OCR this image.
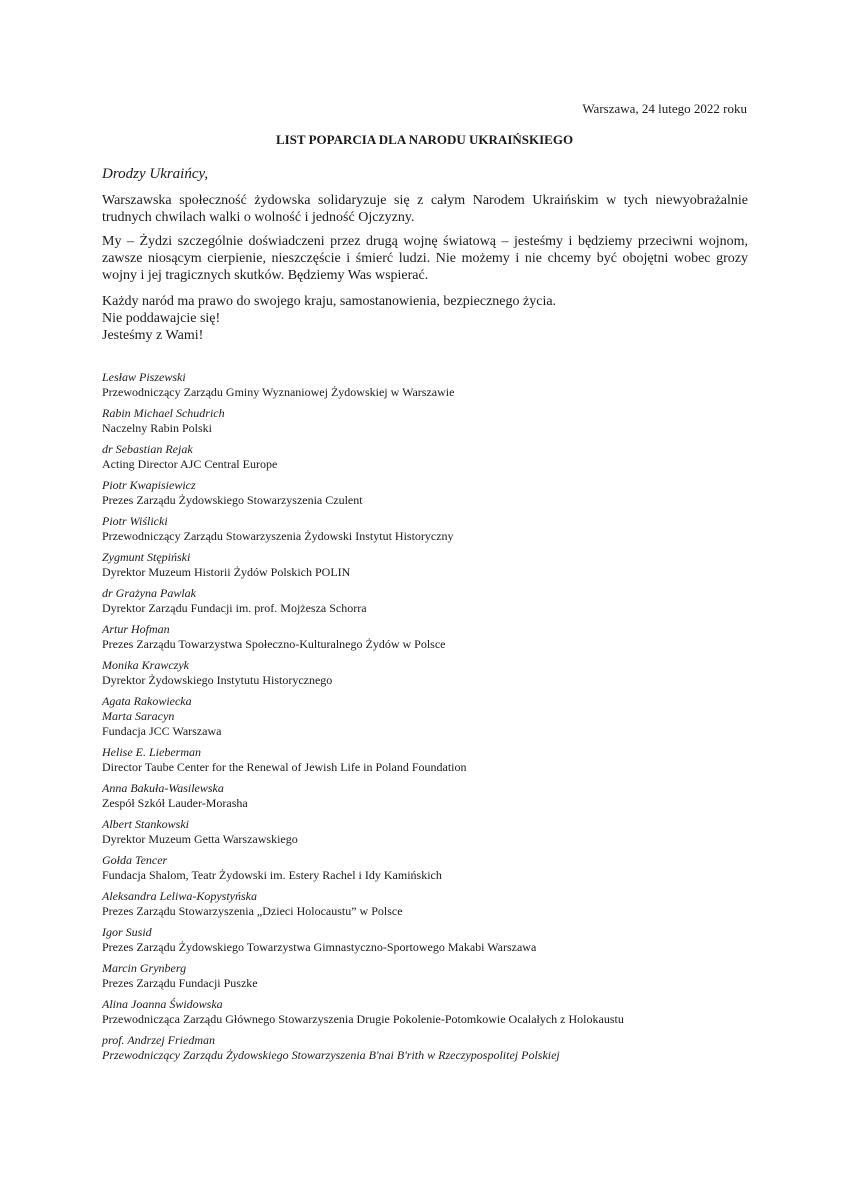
Warszawa, 24 lutego 2022 roku
LIST POPARCIA DLA NARODU UKRAIŃSKIEGO
Drodzy Ukraińcy,

Warszawska społeczność żydowska solidaryzuje się z całym Narodem Ukraińskim w tych niewyobrażalnie trudnych chwilach walki o wolność i jedność Ojczyzny.

My – Żydzi szczególnie doświadczeni przez drugą wojnę światową – jesteśmy i będziemy przeciwni wojnom, zawsze niosącym cierpienie, nieszczęście i śmierć ludzi. Nie możemy i nie chcemy być obojętni wobec grozy wojny i jej tragicznych skutków. Będziemy Was wspierać.

Każdy naród ma prawo do swojego kraju, samostanowienia, bezpiecznego życia.

Nie poddawajcie się!

Jesteśmy z Wami!

Lesław Piszewski
Przewodniczący Zarządu Gminy Wyznaniowej Żydowskiej w Warszawie
Rabin Michael Schudrich
Naczelny Rabin Polski
dr Sebastian Rejak
Acting Director AJC Central Europe
Piotr Kwapisiewicz
Prezes Zarządu Żydowskiego Stowarzyszenia Czulent
Piotr Wiślicki
Przewodniczący Zarządu Stowarzyszenia Żydowski Instytut Historyczny
Zygmunt Stępiński
Dyrektor Muzeum Historii Żydów Polskich POLIN
dr Grażyna Pawlak
Dyrektor Zarządu Fundacji im. prof. Mojżesza Schorra
Artur Hofman
Prezes Zarządu Towarzystwa Społeczno-Kulturalnego Żydów w Polsce
Monika Krawczyk
Dyrektor Żydowskiego Instytutu Historycznego
Agata Rakowiecka
Marta Saracyn
Fundacja JCC Warszawa
Helise E. Lieberman
Director Taube Center for the Renewal of Jewish Life in Poland Foundation
Anna Bakuła-Wasilewska
Zespół Szkół Lauder-Morasha
Albert Stankowski
Dyrektor Muzeum Getta Warszawskiego
Gołda Tencer
Fundacja Shalom, Teatr Żydowski im. Estery Rachel i Idy Kamińskich
Aleksandra Leliwa-Kopystyńska
Prezes Zarządu Stowarzyszenia „Dzieci Holocaustu” w Polsce
Igor Susid
Prezes Zarządu Żydowskiego Towarzystwa Gimnastyczno-Sportowego Makabi Warszawa
Marcin Grynberg
Prezes Zarządu Fundacji Puszke
Alina Joanna Świdowska
Przewodnicząca Zarządu Głównego Stowarzyszenia Drugie Pokolenie-Potomkowie Ocalałych z Holokaustu
prof. Andrzej Friedman
Przewodniczący Zarządu Żydowskiego Stowarzyszenia B'nai B'rith w Rzeczypospolitej Polskiej
